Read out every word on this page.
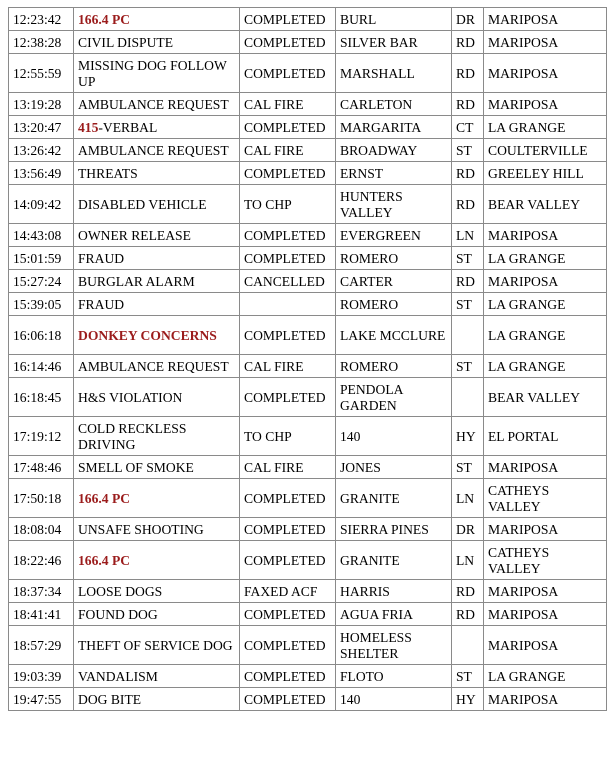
12:23:42	166.4 PC	COMPLETED	BURL	DR	MARIPOSA
12:38:28	CIVIL DISPUTE	COMPLETED	SILVER BAR	RD	MARIPOSA
12:55:59	MISSING DOG FOLLOW UP	COMPLETED	MARSHALL	RD	MARIPOSA
13:19:28	AMBULANCE REQUEST	CAL FIRE	CARLETON	RD	MARIPOSA
13:20:47	415-VERBAL	COMPLETED	MARGARITA	CT	LA GRANGE
13:26:42	AMBULANCE REQUEST	CAL FIRE	BROADWAY	ST	COULTERVILLE
13:56:49	THREATS	COMPLETED	ERNST	RD	GREELEY HILL
14:09:42	DISABLED VEHICLE	TO CHP	HUNTERS VALLEY	RD	BEAR VALLEY
14:43:08	OWNER RELEASE	COMPLETED	EVERGREEN	LN	MARIPOSA
15:01:59	FRAUD	COMPLETED	ROMERO	ST	LA GRANGE
15:27:24	BURGLAR ALARM	CANCELLED	CARTER	RD	MARIPOSA
15:39:05	FRAUD		ROMERO	ST	LA GRANGE
16:06:18	DONKEY CONCERNS	COMPLETED	LAKE MCCLURE		LA GRANGE
16:14:46	AMBULANCE REQUEST	CAL FIRE	ROMERO	ST	LA GRANGE
16:18:45	H&S VIOLATION	COMPLETED	PENDOLA GARDEN		BEAR VALLEY
17:19:12	COLD RECKLESS DRIVING	TO CHP	140	HY	EL PORTAL
17:48:46	SMELL OF SMOKE	CAL FIRE	JONES	ST	MARIPOSA
17:50:18	166.4 PC	COMPLETED	GRANITE	LN	CATHEYS VALLEY
18:08:04	UNSAFE SHOOTING	COMPLETED	SIERRA PINES	DR	MARIPOSA
18:22:46	166.4 PC	COMPLETED	GRANITE	LN	CATHEYS VALLEY
18:37:34	LOOSE DOGS	FAXED ACF	HARRIS	RD	MARIPOSA
18:41:41	FOUND DOG	COMPLETED	AGUA FRIA	RD	MARIPOSA
18:57:29	THEFT OF SERVICE DOG	COMPLETED	HOMELESS SHELTER		MARIPOSA
19:03:39	VANDALISM	COMPLETED	FLOTO	ST	LA GRANGE
19:47:55	DOG BITE	COMPLETED	140	HY	MARIPOSA
